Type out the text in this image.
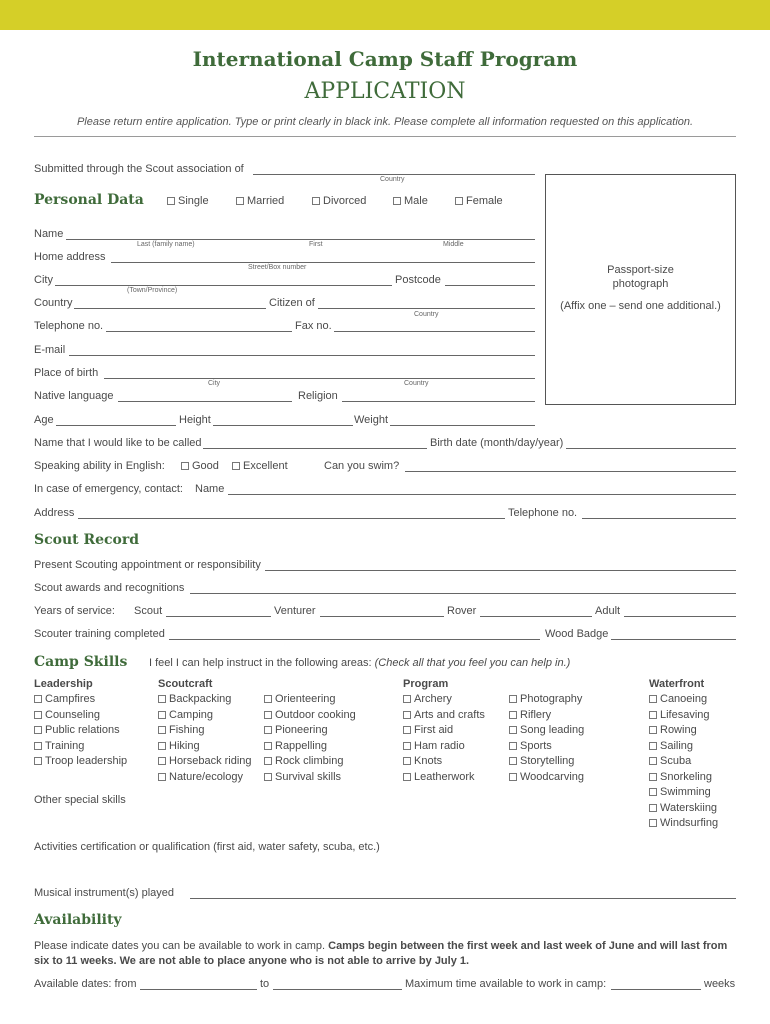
International Camp Staff Program
APPLICATION
Please return entire application. Type or print clearly in black ink. Please complete all information requested on this application.
Submitted through the Scout association of
Country
Personal Data	Single	Married	Divorced	Male	Female
Name
Last (family name)	First	Middle
Home address
Street/Box number
City
(Town/Province)
Postcode
Country	Citizen of
Country
Telephone no.	Fax no.
E-mail
Place of birth
City	Country
Native language	Religion
Age	Height	Weight
Passport-size
photograph
(Affix one – send one additional.)
Name that I would like to be called	Birth date (month/day/year)
Speaking ability in English:	Good	Excellent	Can you swim?
In case of emergency, contact: Name
Address	Telephone no.
Scout Record
Present Scouting appointment or responsibility
Scout awards and recognitions
Years of service: Scout	Venturer	Rover	Adult
Scouter training completed	Wood Badge
Camp Skills I feel I can help instruct in the following areas: (Check all that you feel you can help in.)
Leadership
Campfires
Counseling
Public relations
Training
Troop leadership
Scoutcraft
Backpacking
Camping
Fishing
Hiking
Horseback riding
Nature/ecology
Orienteering
Outdoor cooking
Pioneering
Rappelling
Rock climbing
Survival skills
Program
Archery
Arts and crafts
First aid
Ham radio
Knots
Leatherwork
Photography
Riflery
Song leading
Sports
Storytelling
Woodcarving
Waterfront
Canoeing
Lifesaving
Rowing
Sailing
Scuba
Snorkeling
Swimming
Waterskiing
Windsurfing
Other special skills
Activities certification or qualification (first aid, water safety, scuba, etc.)
Musical instrument(s) played
Availability
Please indicate dates you can be available to work in camp. Camps begin between the first week and last week of June and will last from six to 11 weeks. We are not able to place anyone who is not able to arrive by July 1.
Available dates: from	to	Maximum time available to work in camp:	weeks
